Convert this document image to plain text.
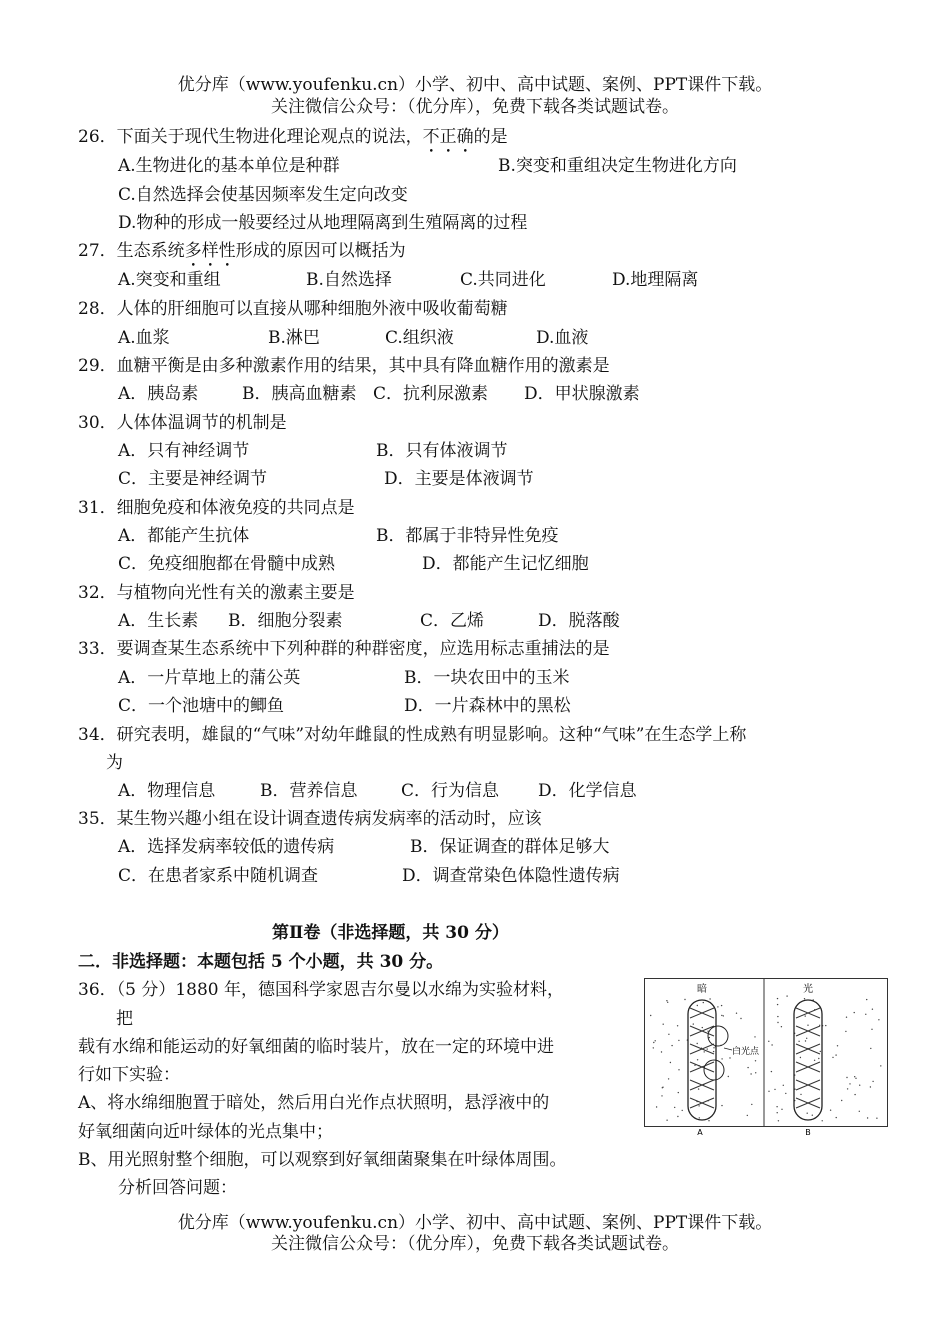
优分库（www.youfenku.cn）小学、初中、高中试题、案例、PPT课件下载。
关注微信公众号：（优分库），免费下载各类试题试卷。
26．下面关于现代生物进化理论观点的说法，不正确的是
A.生物进化的基本单位是种群	B.突变和重组决定生物进化方向
C.自然选择会使基因频率发生定向改变
D.物种的形成一般要经过从地理隔离到生殖隔离的过程
27．生态系统多样性形成的原因可以概括为
A.突变和重组	B.自然选择	C.共同进化	D.地理隔离
28．人体的肝细胞可以直接从哪种细胞外液中吸收葡萄糖
A.血浆	B.淋巴	C.组织液	D.血液
29．血糖平衡是由多种激素作用的结果，其中具有降血糖作用的激素是
A．胰岛素	B．胰高血糖素 C．抗利尿激素 D．甲状腺激素
30．人体体温调节的机制是
A．只有神经调节	B．只有体液调节
C．主要是神经调节	D．主要是体液调节
31．细胞免疫和体液免疫的共同点是
A．都能产生抗体	B．都属于非特异性免疫
C．免疫细胞都在骨髓中成熟	D．都能产生记忆细胞
32．与植物向光性有关的激素主要是
A．生长素 B．细胞分裂素	C．乙烯	D．脱落酸
33．要调查某生态系统中下列种群的种群密度，应选用标志重捕法的是
A．一片草地上的蒲公英	B．一块农田中的玉米
C．一个池塘中的鲫鱼	D．一片森林中的黑松
34．研究表明，雄鼠的“气味”对幼年雌鼠的性成熟有明显影响。这种“气味”在生态学上称
为
A．物理信息	B．营养信息	C．行为信息 D．化学信息
35．某生物兴趣小组在设计调查遗传病发病率的活动时，应该
A．选择发病率较低的遗传病	B．保证调查的群体足够大
C．在患者家系中随机调查	D．调查常染色体隐性遗传病
第Ⅱ卷（非选择题，共 30 分）
二．非选择题：本题包括 5 个小题，共 30 分。
36．（5 分）1880 年，德国科学家恩吉尔曼以水绵为实验材料，
把
载有水绵和能运动的好氧细菌的临时装片，放在一定的环境中进
行如下实验：
A、将水绵细胞置于暗处，然后用白光作点状照明，悬浮液中的
好氧细菌向近叶绿体的光点集中；
B、用光照射整个细胞，可以观察到好氧细菌聚集在叶绿体周围。
分析回答问题：
暗	光
白光点
A	B
优分库（www.youfenku.cn）小学、初中、高中试题、案例、PPT课件下载。
关注微信公众号：（优分库），免费下载各类试题试卷。
